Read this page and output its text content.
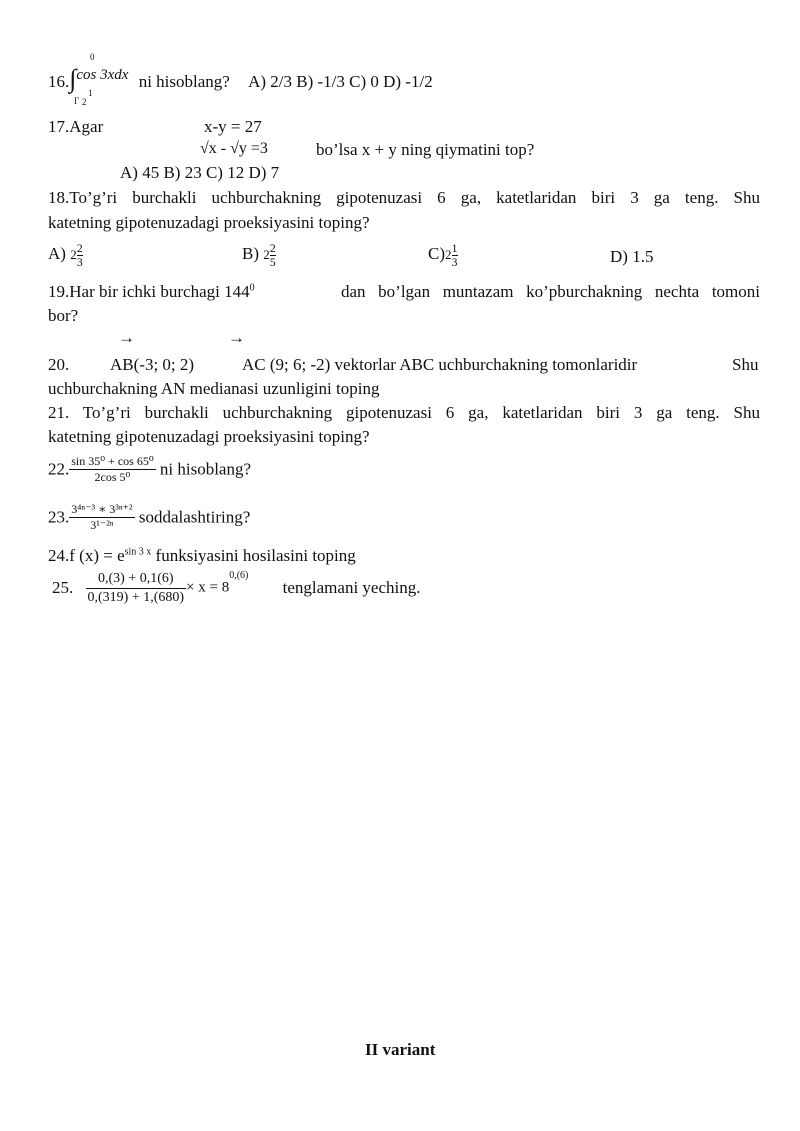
0
16.∫cos 3xdx ni hisoblang? A) 2/3 B) -1/3 C) 0 D) -1/2
1
Γ 2
17.Agar	x-y = 27
√x - √y =3	bo’lsa x + y ning qiymatini top?
A) 45 B) 23 C) 12 D) 7
18.To’g’ri burchakli uchburchakning gipotenuzasi 6 ga, katetlaridan biri 3 ga teng. Shu
katetning gipotenuzadagi proeksiyasini toping?
A) $2 \frac{2}{3}$	B) $2 \frac{2}{5}$	$C)2 \frac{1}{3}$	D) 1.5
19.Har bir ichki burchagi $144^0$	dan bo’lgan muntazam ko’pburchakning nechta tomoni
bor?
→	→
20. AB(-3; 0; 2)	AC (9; 6; -2) vektorlar ABC uchburchakning tomonlaridir	Shu
uchburchakning AN medianasi uzunligini toping
21. To’g’ri burchakli uchburchakning gipotenuzasi 6 ga, katetlaridan biri 3 ga teng. Shu
katetning gipotenuzadagi proeksiyasini toping?
22. $\frac{\text{sin 35⁰ + cos 65⁰}}{\text{2cos 5⁰}}$ ni hisoblang?
23. $\frac{\text{3⁴ⁿ⁻³ ∗ 3³ⁿ⁺²}}{\text{3¹⁻²ⁿ}}$ soddalashtiring?
24.f $(x) = e^{sin 3 x}$ funksiyasini hosilasini toping
25. $\frac{0,(3) + 0,1(6)}{0,(319) + 1,(680)} \times x = 8^{0,(6)}$ tenglamani yeching.
II variant
